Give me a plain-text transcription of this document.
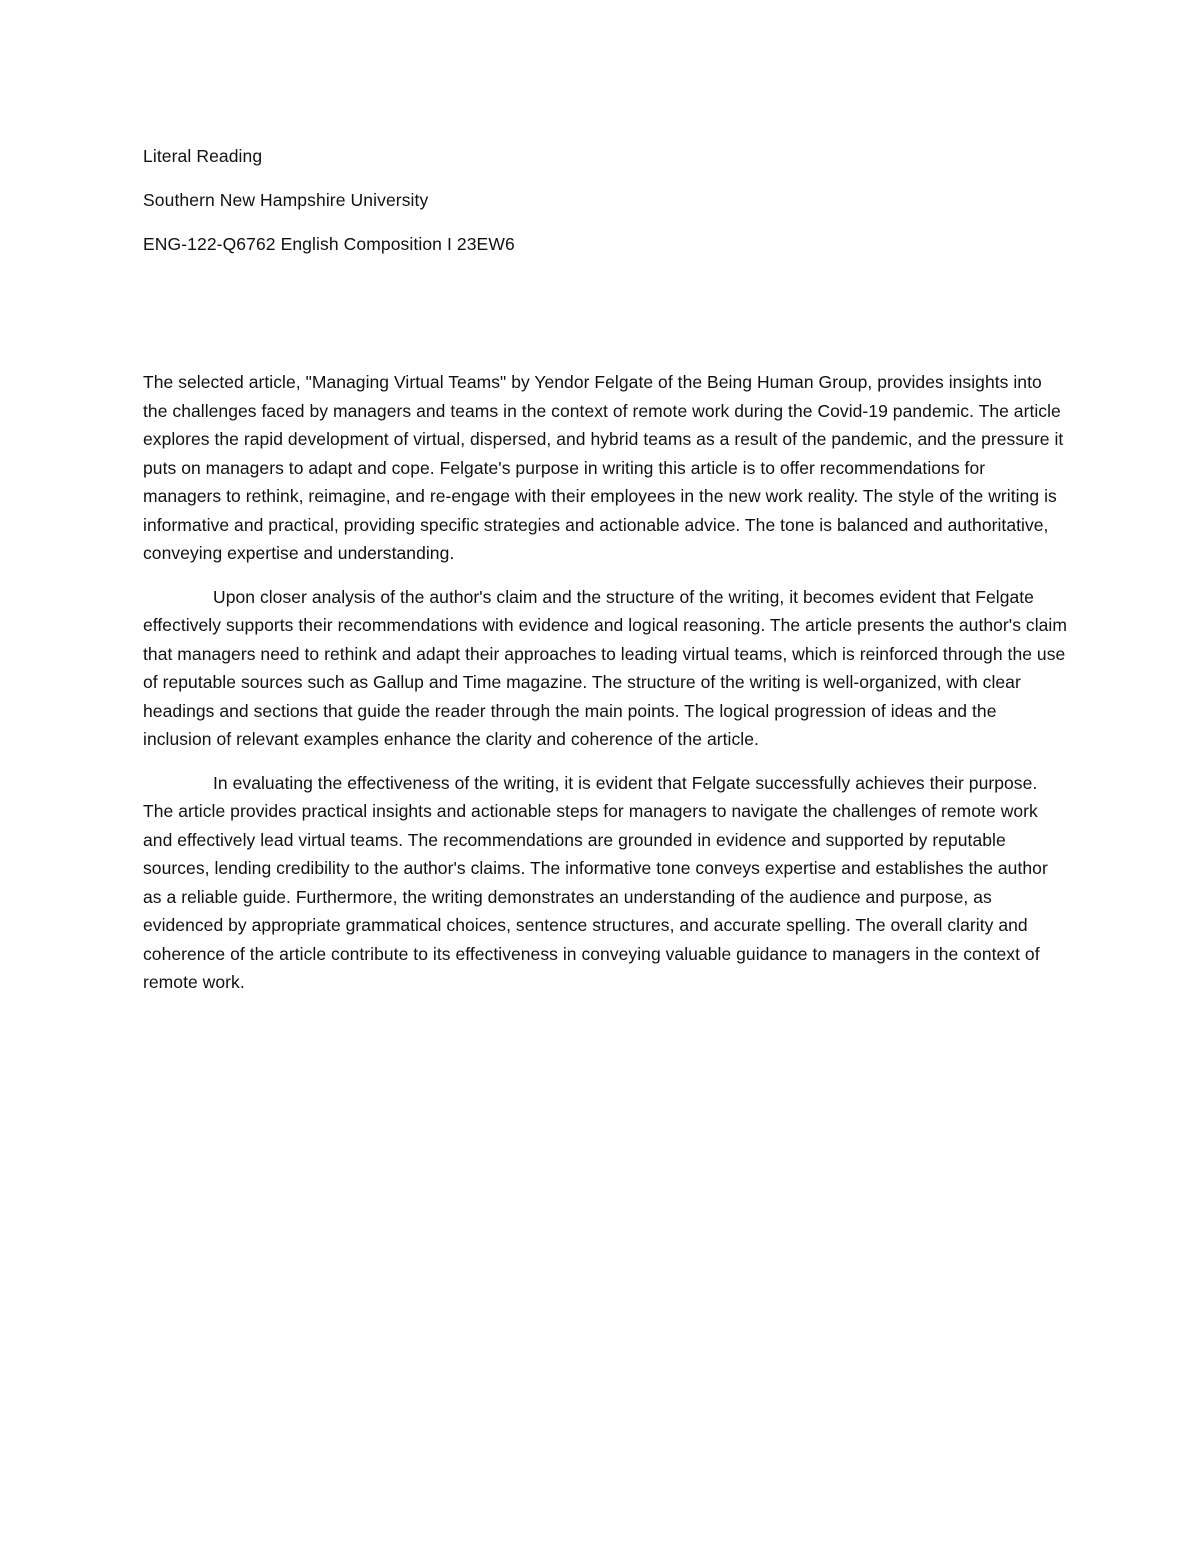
Literal Reading
Southern New Hampshire University
ENG-122-Q6762 English Composition I 23EW6

The selected article, "Managing Virtual Teams" by Yendor Felgate of the Being Human Group, provides insights into the challenges faced by managers and teams in the context of remote work during the Covid-19 pandemic. The article explores the rapid development of virtual, dispersed, and hybrid teams as a result of the pandemic, and the pressure it puts on managers to adapt and cope. Felgate's purpose in writing this article is to offer recommendations for managers to rethink, reimagine, and re-engage with their employees in the new work reality. The style of the writing is informative and practical, providing specific strategies and actionable advice. The tone is balanced and authoritative, conveying expertise and understanding.

Upon closer analysis of the author's claim and the structure of the writing, it becomes evident that Felgate effectively supports their recommendations with evidence and logical reasoning. The article presents the author's claim that managers need to rethink and adapt their approaches to leading virtual teams, which is reinforced through the use of reputable sources such as Gallup and Time magazine. The structure of the writing is well-organized, with clear headings and sections that guide the reader through the main points. The logical progression of ideas and the inclusion of relevant examples enhance the clarity and coherence of the article.

In evaluating the effectiveness of the writing, it is evident that Felgate successfully achieves their purpose. The article provides practical insights and actionable steps for managers to navigate the challenges of remote work and effectively lead virtual teams. The recommendations are grounded in evidence and supported by reputable sources, lending credibility to the author's claims. The informative tone conveys expertise and establishes the author as a reliable guide. Furthermore, the writing demonstrates an understanding of the audience and purpose, as evidenced by appropriate grammatical choices, sentence structures, and accurate spelling. The overall clarity and coherence of the article contribute to its effectiveness in conveying valuable guidance to managers in the context of remote work.
